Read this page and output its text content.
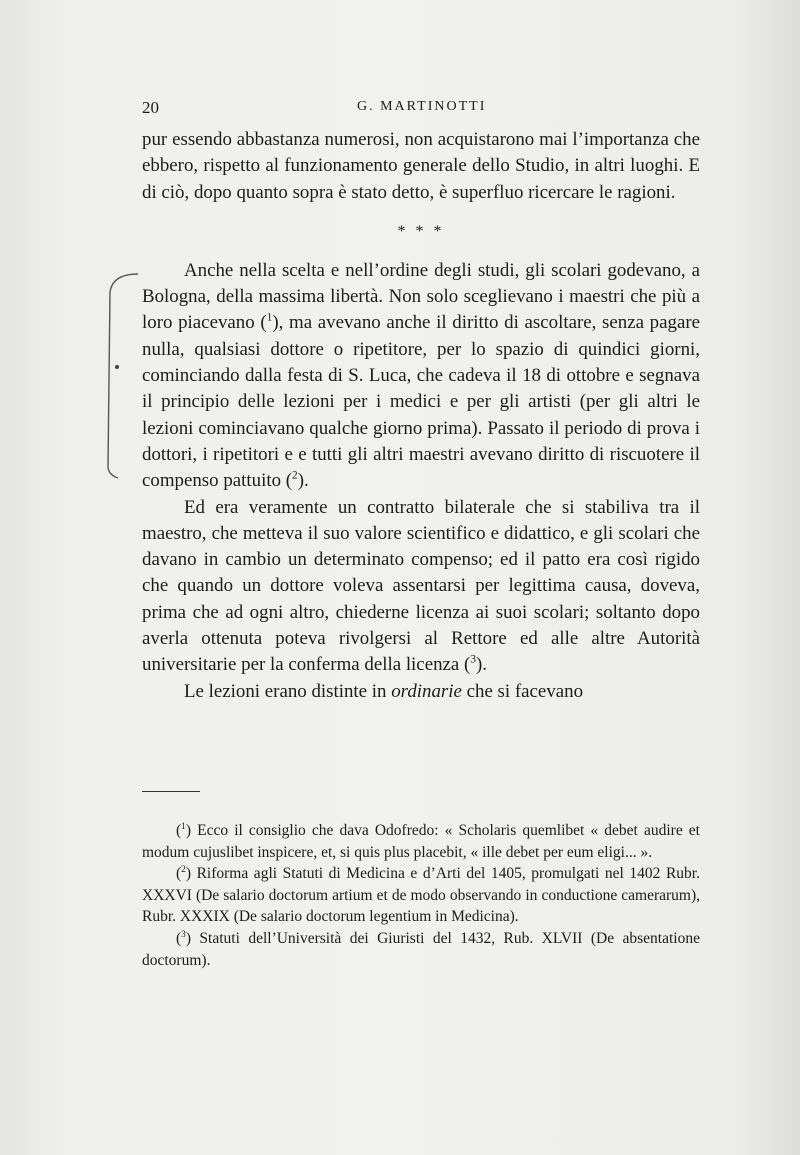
20	G. MARTINOTTI

pur essendo abbastanza numerosi, non acquistarono mai l’importanza che ebbero, rispetto al funzionamento generale dello Studio, in altri luoghi. E di ciò, dopo quanto sopra è stato detto, è superfluo ricercare le ragioni.

* * *

Anche nella scelta e nell’ordine degli studi, gli scolari godevano, a Bologna, della massima libertà. Non solo sceglievano i maestri che più a loro piacevano ($^1$), ma avevano anche il diritto di ascoltare, senza pagare nulla, qualsiasi dottore o ripetitore, per lo spazio di quindici giorni, cominciando dalla festa di S. Luca, che cadeva il 18 di ottobre e segnava il principio delle lezioni per i medici e per gli artisti (per gli altri le lezioni cominciavano qualche giorno prima). Passato il periodo di prova i dottori, i ripetitori e e tutti gli altri maestri avevano diritto di riscuotere il compenso pattuito ($^2$).

Ed era veramente un contratto bilaterale che si stabiliva tra il maestro, che metteva il suo valore scientifico e didattico, e gli scolari che davano in cambio un determinato compenso; ed il patto era così rigido che quando un dottore voleva assentarsi per legittima causa, doveva, prima che ad ogni altro, chiederne licenza ai suoi scolari; soltanto dopo averla ottenuta poteva rivolgersi al Rettore ed alle altre Autorità universitarie per la conferma della licenza ($^3$).

Le lezioni erano distinte in ordinarie che si facevano

($^1$) Ecco il consiglio che dava Odofredo: « Scholaris quemlibet « debet audire et modum cujuslibet inspicere, et, si quis plus placebit, « ille debet per eum eligi... ».

($^2$) Riforma agli Statuti di Medicina e d’Arti del 1405, promulgati nel 1402 Rubr. XXXVI (De salario doctorum artium et de modo observando in conductione camerarum), Rubr. XXXIX (De salario doctorum legentium in Medicina).

($^3$) Statuti dell’Università dei Giuristi del 1432, Rub. XLVII (De absentatione doctorum).
